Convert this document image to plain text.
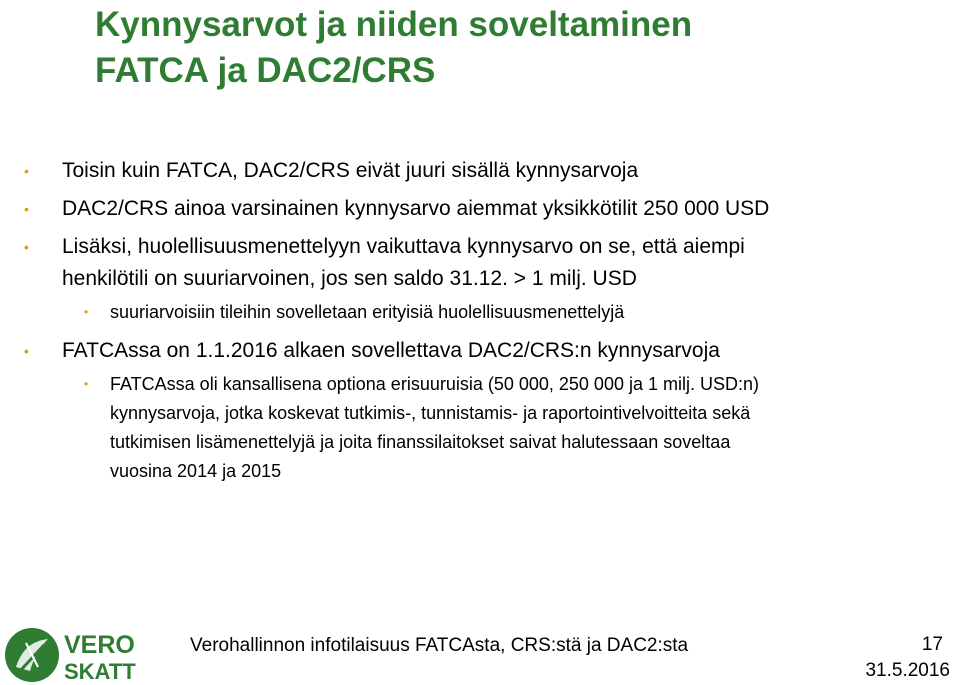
Kynnysarvot ja niiden soveltaminen
FATCA ja DAC2/CRS
• Toisin kuin FATCA, DAC2/CRS eivät juuri sisällä kynnysarvoja
• DAC2/CRS ainoa varsinainen kynnysarvo aiemmat yksikkötilit 250 000 USD
• Lisäksi, huolellisuusmenettelyyn vaikuttava kynnysarvo on se, että aiempi
henkilötili on suuriarvoinen, jos sen saldo 31.12. > 1 milj. USD
• suuriarvoisiin tileihin sovelletaan erityisiä huolellisuusmenettelyjä
• FATCAssa on 1.1.2016 alkaen sovellettava DAC2/CRS:n kynnysarvoja
• FATCAssa oli kansallisena optiona erisuuruisia (50 000, 250 000 ja 1 milj. USD:n)
kynnysarvoja, jotka koskevat tutkimis-, tunnistamis- ja raportointivelvoitteita sekä
tutkimisen lisämenettelyjä ja joita finanssilaitokset saivat halutessaan soveltaa
vuosina 2014 ja 2015
VERO
SKATT
Verohallinnon infotilaisuus FATCAsta, CRS:stä ja DAC2:sta	17
31.5.2016
